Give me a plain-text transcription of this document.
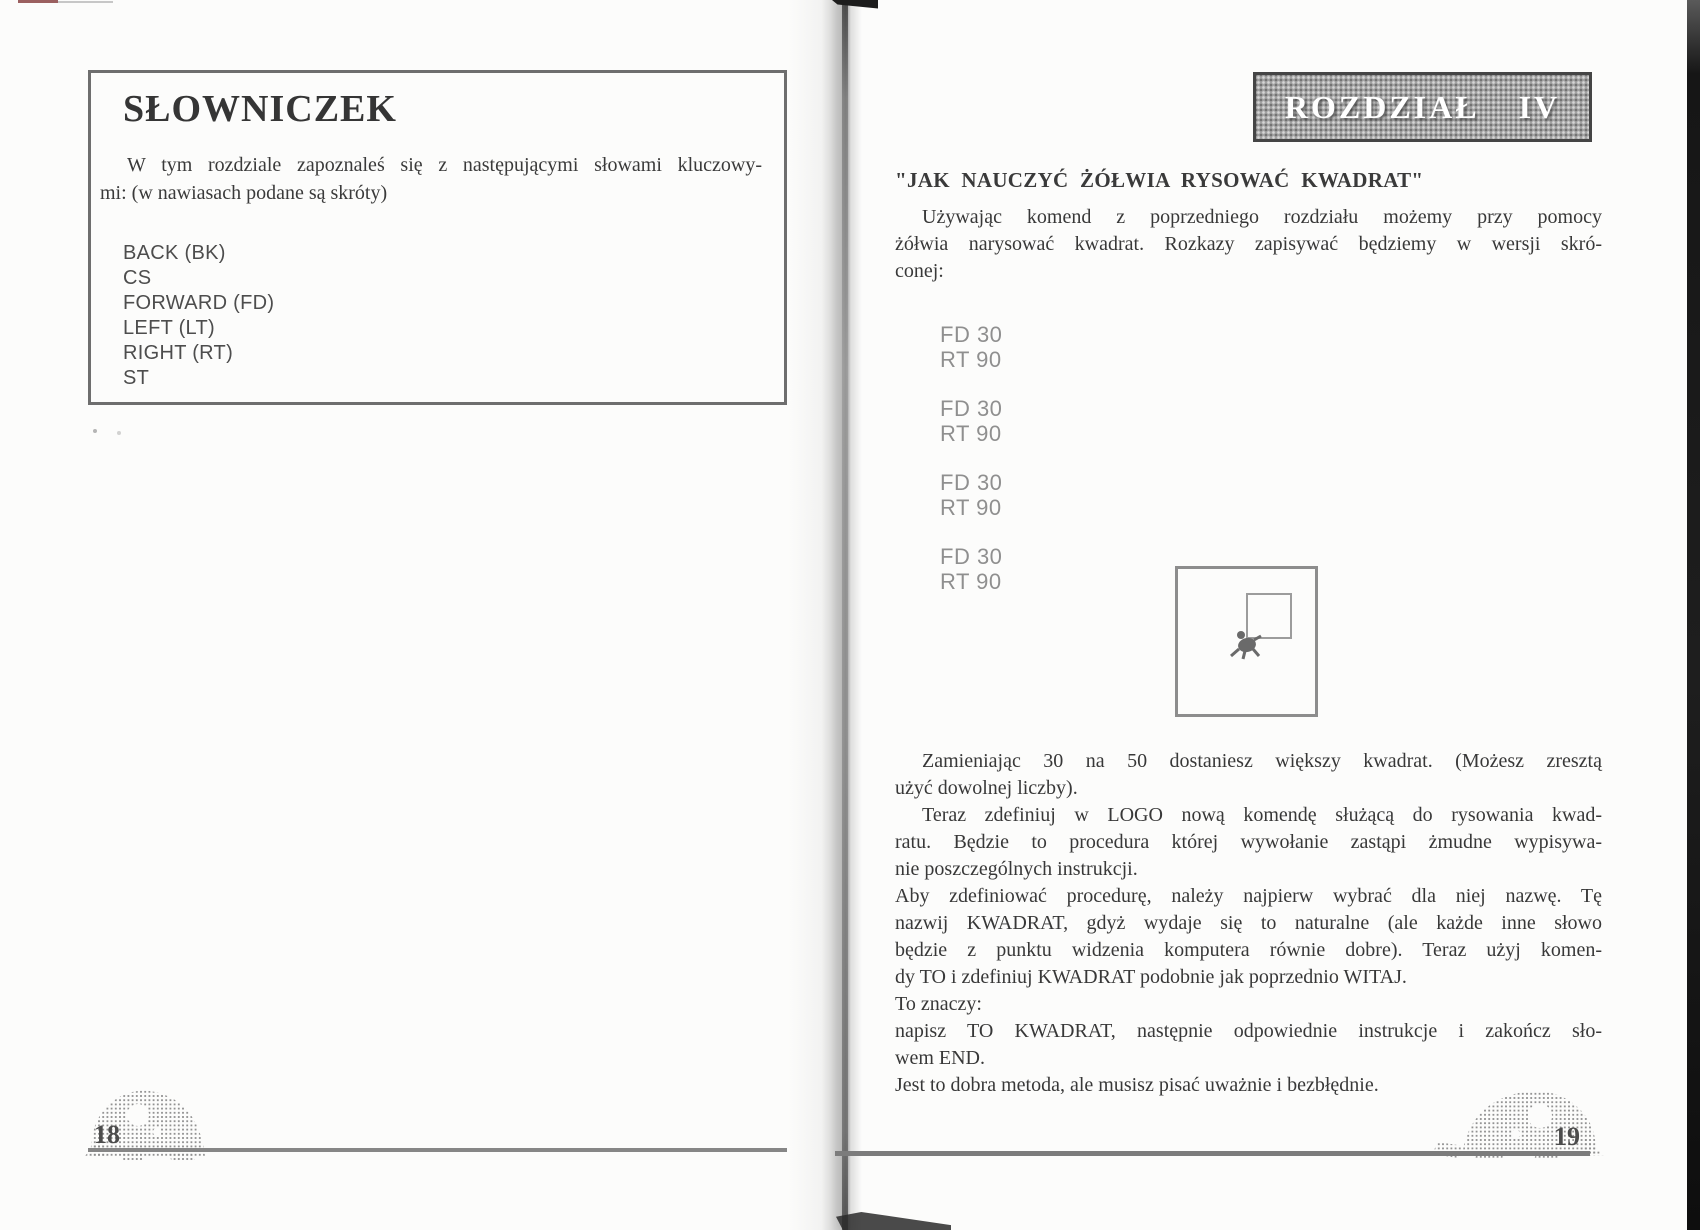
SŁOWNICZEK
W tym rozdziale zapoznaleś się z następującymi słowami kluczowy-
mi: (w nawiasach podane są skróty)
BACK (BK)
CS
FORWARD (FD)
LEFT (LT)
RIGHT (RT)
ST
18
ROZDZIAŁ IV
"JAK NAUCZYĆ ŻÓŁWIA RYSOWAĆ KWADRAT"
Używając komend z poprzedniego rozdziału możemy przy pomocy
żółwia narysować kwadrat. Rozkazy zapisywać będziemy w wersji skró-
conej:
FD 30
RT 90
FD 30
RT 90
FD 30
RT 90
FD 30
RT 90
Zamieniając 30 na 50 dostaniesz większy kwadrat. (Możesz zresztą
użyć dowolnej liczby).
Teraz zdefiniuj w LOGO nową komendę służącą do rysowania kwad-
ratu. Będzie to procedura której wywołanie zastąpi żmudne wypisywa-
nie poszczególnych instrukcji.
Aby zdefiniować procedurę, należy najpierw wybrać dla niej nazwę. Tę
nazwij KWADRAT, gdyż wydaje się to naturalne (ale każde inne słowo
będzie z punktu widzenia komputera równie dobre). Teraz użyj komen-
dy TO i zdefiniuj KWADRAT podobnie jak poprzednio WITAJ.
To znaczy:
napisz TO KWADRAT, następnie odpowiednie instrukcje i zakończ sło-
wem END.
Jest to dobra metoda, ale musisz pisać uważnie i bezbłędnie.
19
